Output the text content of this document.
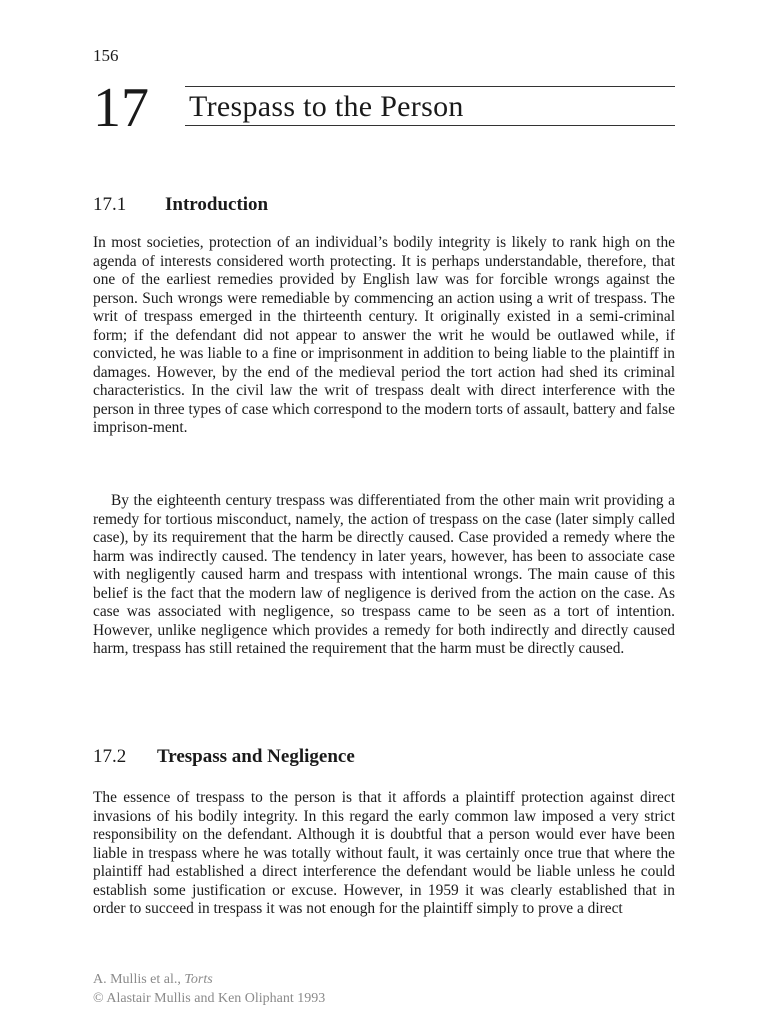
156
17 Trespass to the Person
17.1 Introduction

In most societies, protection of an individual’s bodily integrity is likely to rank high on the agenda of interests considered worth protecting. It is perhaps understandable, therefore, that one of the earliest remedies provided by English law was for forcible wrongs against the person. Such wrongs were remediable by commencing an action using a writ of trespass. The writ of trespass emerged in the thirteenth century. It originally existed in a semi-criminal form; if the defendant did not appear to answer the writ he would be outlawed while, if convicted, he was liable to a fine or imprisonment in addition to being liable to the plaintiff in damages. However, by the end of the medieval period the tort action had shed its criminal characteristics. In the civil law the writ of trespass dealt with direct interference with the person in three types of case which correspond to the modern torts of assault, battery and false imprison-ment.

By the eighteenth century trespass was differentiated from the other main writ providing a remedy for tortious misconduct, namely, the action of trespass on the case (later simply called case), by its requirement that the harm be directly caused. Case provided a remedy where the harm was indirectly caused. The tendency in later years, however, has been to associate case with negligently caused harm and trespass with intentional wrongs. The main cause of this belief is the fact that the modern law of negligence is derived from the action on the case. As case was associated with negligence, so trespass came to be seen as a tort of intention. However, unlike negligence which provides a remedy for both indirectly and directly caused harm, trespass has still retained the requirement that the harm must be directly caused.

17.2 Trespass and Negligence

The essence of trespass to the person is that it affords a plaintiff protection against direct invasions of his bodily integrity. In this regard the early common law imposed a very strict responsibility on the defendant. Although it is doubtful that a person would ever have been liable in trespass where he was totally without fault, it was certainly once true that where the plaintiff had established a direct interference the defendant would be liable unless he could establish some justification or excuse. However, in 1959 it was clearly established that in order to succeed in trespass it was not enough for the plaintiff simply to prove a direct

A. Mullis et al., Torts
© Alastair Mullis and Ken Oliphant 1993
